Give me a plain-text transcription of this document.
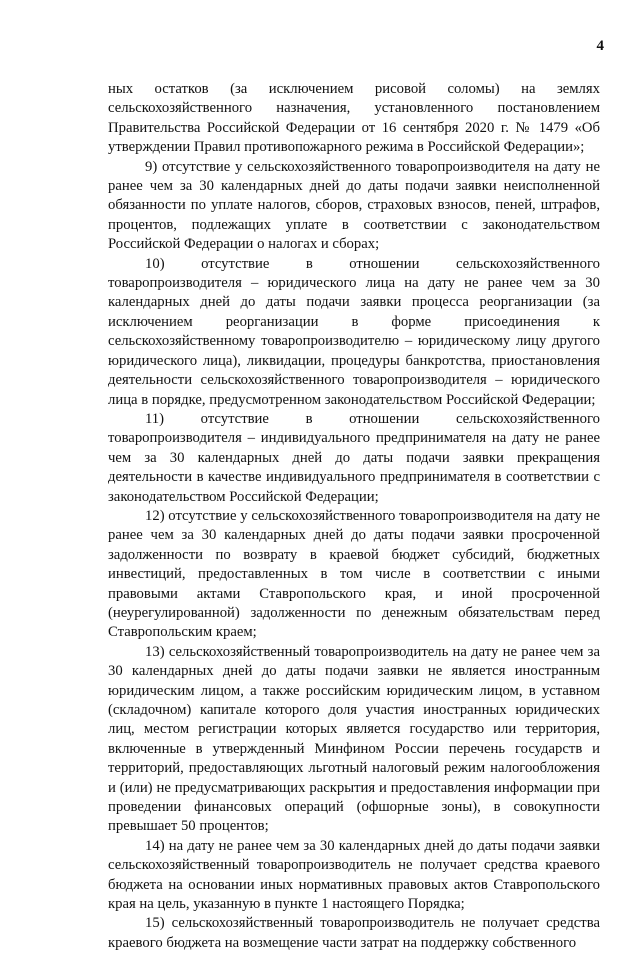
4

ных остатков (за исключением рисовой соломы) на землях сельскохозяйственного назначения, установленного постановлением Правительства Российской Федерации от 16 сентября 2020 г. № 1479 «Об утверждении Правил противопожарного режима в Российской Федерации»;

9) отсутствие у сельскохозяйственного товаропроизводителя на дату не ранее чем за 30 календарных дней до даты подачи заявки неисполненной обязанности по уплате налогов, сборов, страховых взносов, пеней, штрафов, процентов, подлежащих уплате в соответствии с законодательством Российской Федерации о налогах и сборах;

10) отсутствие в отношении сельскохозяйственного товаропроизводителя – юридического лица на дату не ранее чем за 30 календарных дней до даты подачи заявки процесса реорганизации (за исключением реорганизации в форме присоединения к сельскохозяйственному товаропроизводителю – юридическому лицу другого юридического лица), ликвидации, процедуры банкротства, приостановления деятельности сельскохозяйственного товаропроизводителя – юридического лица в порядке, предусмотренном законодательством Российской Федерации;

11) отсутствие в отношении сельскохозяйственного товаропроизводителя – индивидуального предпринимателя на дату не ранее чем за 30 календарных дней до даты подачи заявки прекращения деятельности в качестве индивидуального предпринимателя в соответствии с законодательством Российской Федерации;

12) отсутствие у сельскохозяйственного товаропроизводителя на дату не ранее чем за 30 календарных дней до даты подачи заявки просроченной задолженности по возврату в краевой бюджет субсидий, бюджетных инвестиций, предоставленных в том числе в соответствии с иными правовыми актами Ставропольского края, и иной просроченной (неурегулированной) задолженности по денежным обязательствам перед Ставропольским краем;

13) сельскохозяйственный товаропроизводитель на дату не ранее чем за 30 календарных дней до даты подачи заявки не является иностранным юридическим лицом, а также российским юридическим лицом, в уставном (складочном) капитале которого доля участия иностранных юридических лиц, местом регистрации которых является государство или территория, включенные в утвержденный Минфином России перечень государств и территорий, предоставляющих льготный налоговый режим налогообложения и (или) не предусматривающих раскрытия и предоставления информации при проведении финансовых операций (офшорные зоны), в совокупности превышает 50 процентов;

14) на дату не ранее чем за 30 календарных дней до даты подачи заявки сельскохозяйственный товаропроизводитель не получает средства краевого бюджета на основании иных нормативных правовых актов Ставропольского края на цель, указанную в пункте 1 настоящего Порядка;

15) сельскохозяйственный товаропроизводитель не получает средства краевого бюджета на возмещение части затрат на поддержку собственного
